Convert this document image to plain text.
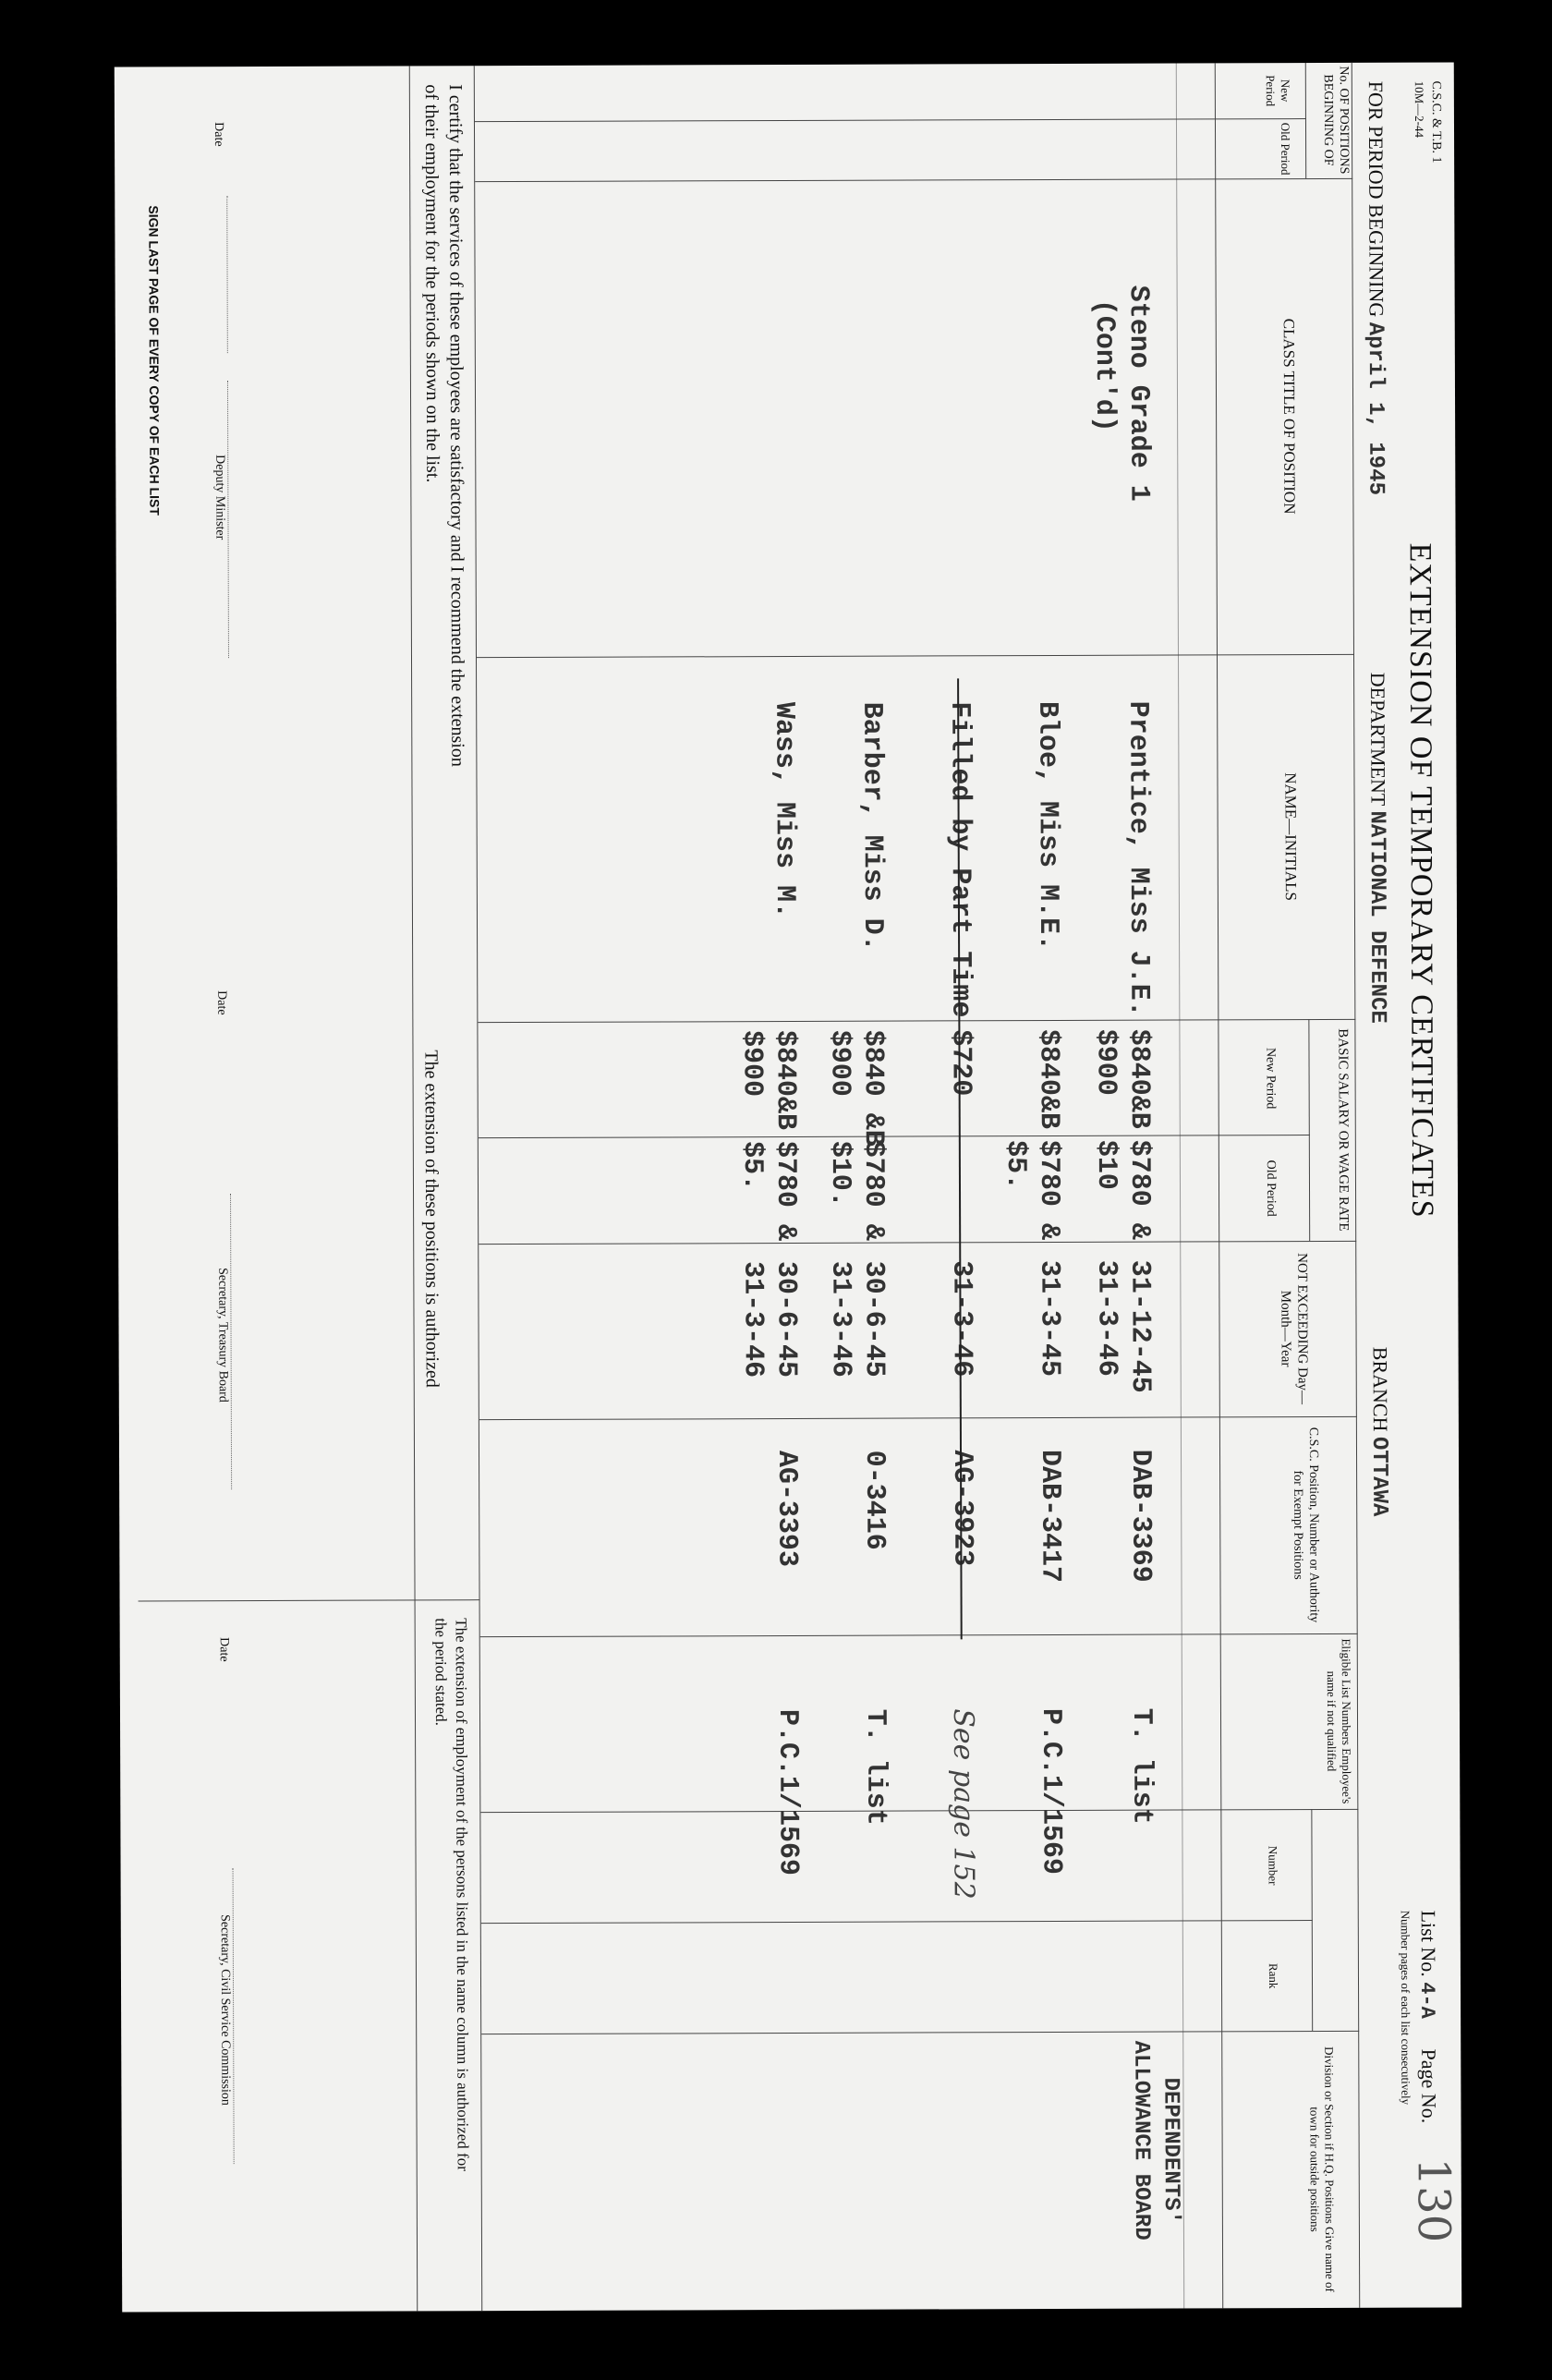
C.S.C. & T.B. 1
10M—2-44
EXTENSION OF TEMPORARY CERTIFICATES
List No. 4-A
Page No.
130
Number pages of each list consecutively
FOR PERIOD BEGINNING April 1, 1945
DEPARTMENT NATIONAL DEFENCE
BRANCH OTTAWA
No. OF POSITIONS BEGINNING OF
New Period
Old Period
CLASS TITLE OF POSITION
NAME—INITIALS
BASIC SALARY OR WAGE RATE
New Period
Old Period
NOT EXCEEDING Day—Month—Year
C.S.C. Position, Number or Authority for Exempt Positions
Eligible List Numbers Employee's name if not qualified
Number
Rank
Division or Section if H.Q. Positions Give name of town for outside positions
Steno Grade 1
(Cont'd)
DEPENDENTS'
ALLOWANCE BOARD
Prentice, Miss J.E.
$840&B
$900
$780 &
$10
31-12-45
31-3-46
DAB-3369
T. list
Bloe, Miss M.E.
$840&B
$780 &
$5.
31-3-45
DAB-3417
P.C.1/1569
Filled by Part Time
$720
31-3-46
AG-3923
See page 152
Barber, Miss D.
$840 &B
$900
$780 &
$10.
30-6-45
31-3-46
0-3416
T. list
Wass, Miss M.
$840&B
$900
$780 &
$5.
30-6-45
31-3-46
AG-3393
P.C.1/1569
I certify that the services of these employees are satisfactory and I recommend the extension of their employment for the periods shown on the list.
Date
Deputy Minister
SIGN LAST PAGE OF EVERY COPY OF EACH LIST
The extension of these positions is authorized
Date
Secretary, Treasury Board
The extension of employment of the persons listed in the name column is authorized for the period stated.
Date
Secretary, Civil Service Commission
